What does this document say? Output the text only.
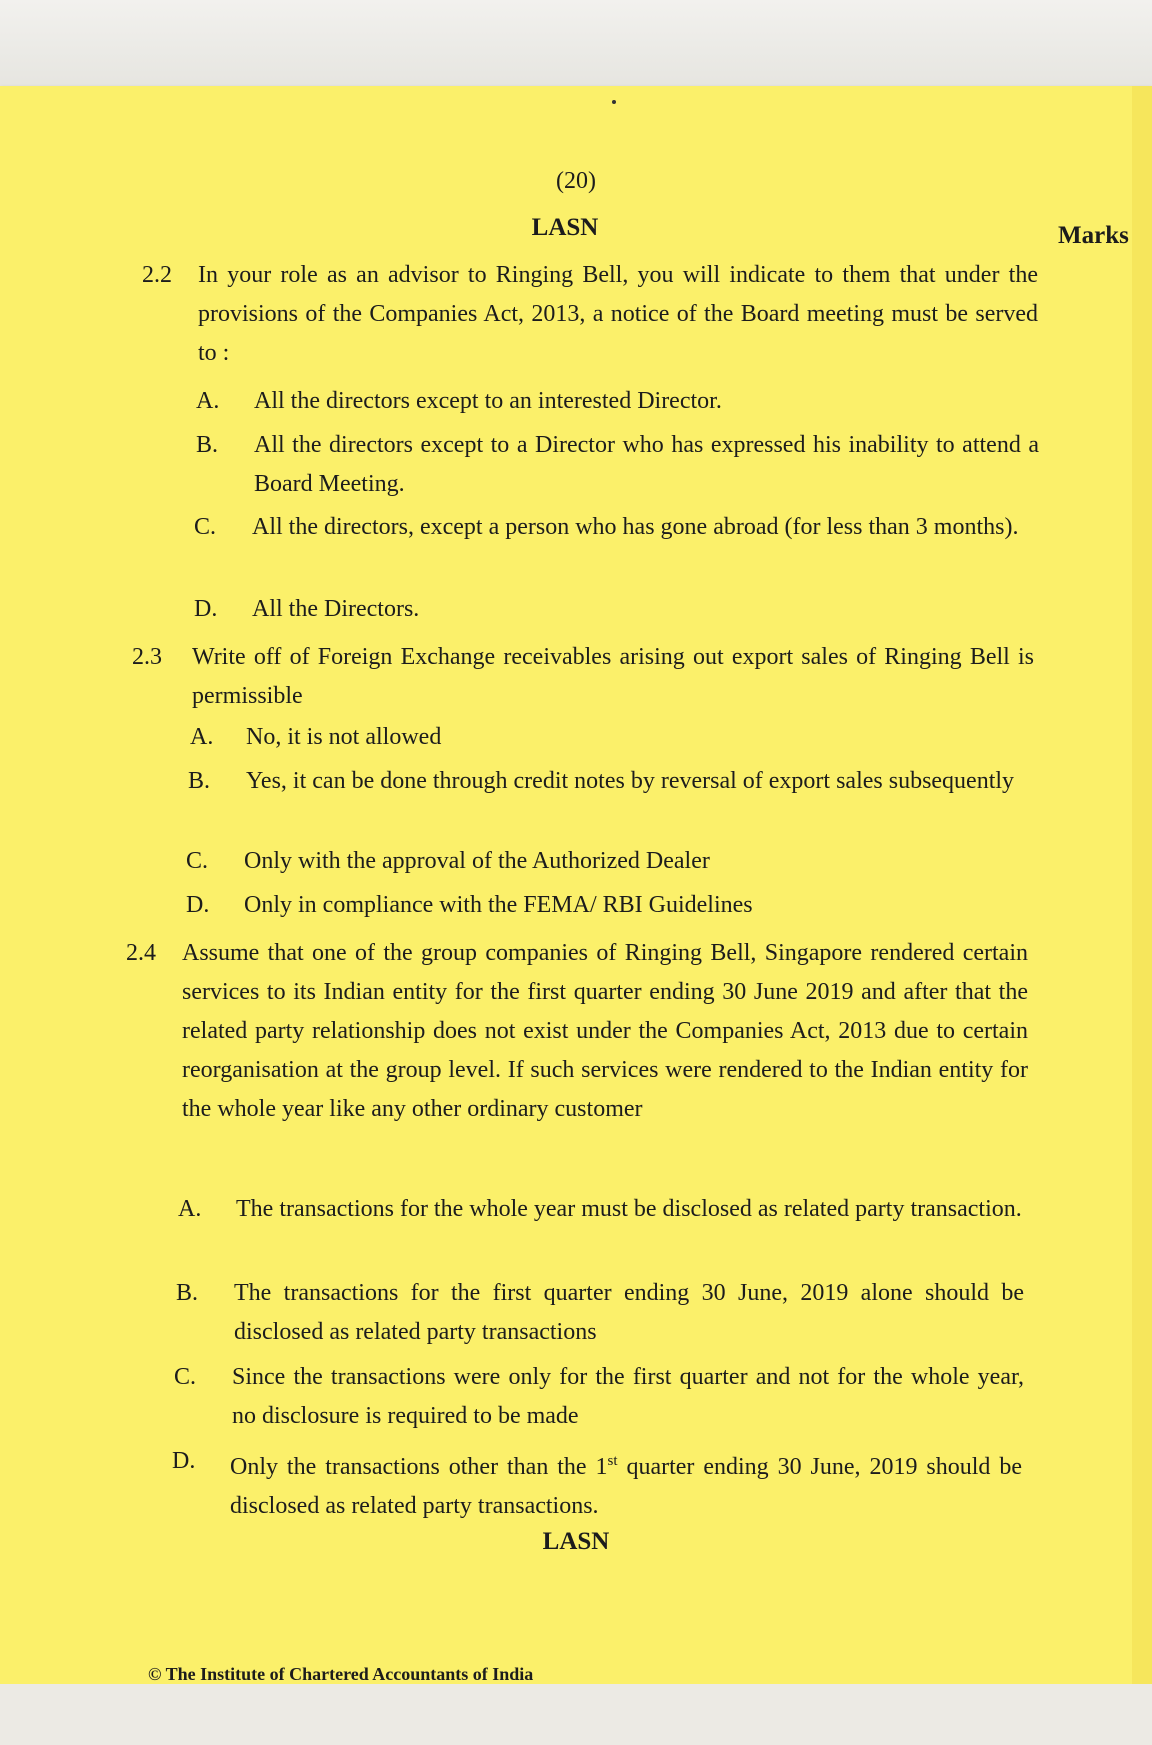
(20)
LASN	Marks
2.2 In your role as an advisor to Ringing Bell, you will indicate to them that under the provisions of the Companies Act, 2013, a notice of the Board meeting must be served to :
A. All the directors except to an interested Director.
B. All the directors except to a Director who has expressed his inability to attend a Board Meeting.
C. All the directors, except a person who has gone abroad (for less than 3 months).
D. All the Directors.
2.3 Write off of Foreign Exchange receivables arising out export sales of Ringing Bell is permissible
A. No, it is not allowed
B. Yes, it can be done through credit notes by reversal of export sales subsequently
C. Only with the approval of the Authorized Dealer
D. Only in compliance with the FEMA/ RBI Guidelines
2.4 Assume that one of the group companies of Ringing Bell, Singapore rendered certain services to its Indian entity for the first quarter ending 30 June 2019 and after that the related party relationship does not exist under the Companies Act, 2013 due to certain reorganisation at the group level. If such services were rendered to the Indian entity for the whole year like any other ordinary customer
A. The transactions for the whole year must be disclosed as related party transaction.
B. The transactions for the first quarter ending 30 June, 2019 alone should be disclosed as related party transactions
C. Since the transactions were only for the first quarter and not for the whole year, no disclosure is required to be made
D. Only the transactions other than the 1st quarter ending 30 June, 2019 should be disclosed as related party transactions.
LASN
© The Institute of Chartered Accountants of India
